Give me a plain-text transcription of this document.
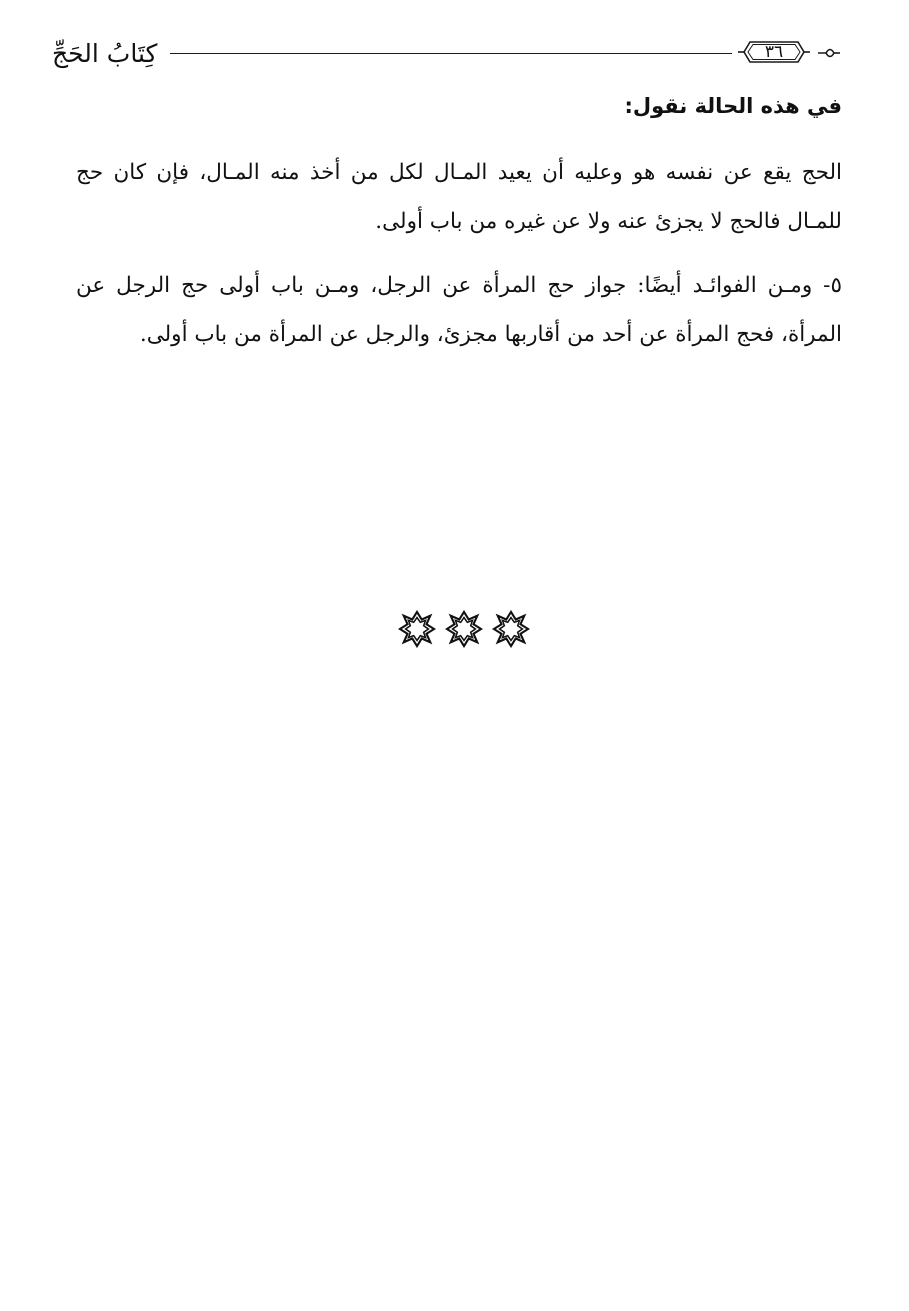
كِتَابُ الحَجِّ	٣٦
في هذه الحالة نقول:
الحج يقع عن نفسه هو وعليه أن يعيد المـال لكل من أخذ منه المـال، فإن كان حج للمـال فالحج لا يجزئ عنه ولا عن غيره من باب أولى.
٥- ومـن الفوائـد أيضًا: جواز حج المرأة عن الرجل، ومـن باب أولى حج الرجل عن المرأة، فحج المرأة عن أحد من أقاربها مجزئ، والرجل عن المرأة من باب أولى.
